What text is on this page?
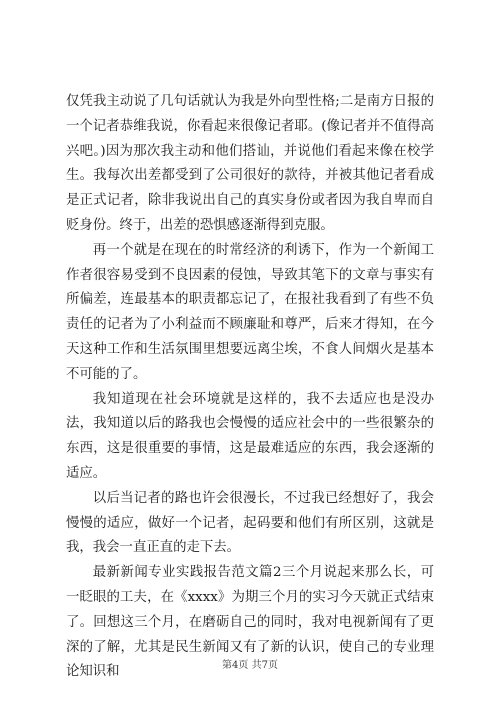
仅凭我主动说了几句话就认为我是外向型性格;二是南方日报的一个记者恭维我说，你看起来很像记者耶。(像记者并不值得高兴吧。)因为那次我主动和他们搭讪，并说他们看起来像在校学生。我每次出差都受到了公司很好的款待，并被其他记者看成是正式记者，除非我说出自己的真实身份或者因为我自卑而自贬身份。终于，出差的恐惧感逐渐得到克服。

再一个就是在现在的时常经济的利诱下，作为一个新闻工作者很容易受到不良因素的侵蚀，导致其笔下的文章与事实有所偏差，连最基本的职责都忘记了，在报社我看到了有些不负责任的记者为了小利益而不顾廉耻和尊严，后来才得知，在今天这种工作和生活氛围里想要远离尘埃，不食人间烟火是基本不可能的了。

我知道现在社会环境就是这样的，我不去适应也是没办法，我知道以后的路我也会慢慢的适应社会中的一些很繁杂的东西，这是很重要的事情，这是最难适应的东西，我会逐渐的适应。

以后当记者的路也许会很漫长，不过我已经想好了，我会慢慢的适应，做好一个记者，起码要和他们有所区别，这就是我，我会一直正直的走下去。

最新新闻专业实践报告范文篇2三个月说起来那么长，可一眨眼的工夫，在《xxxx》为期三个月的实习今天就正式结束了。回想这三个月，在磨砺自己的同时，我对电视新闻有了更深的了解，尤其是民生新闻又有了新的认识，使自己的专业理论知识和	第4页 共7页
